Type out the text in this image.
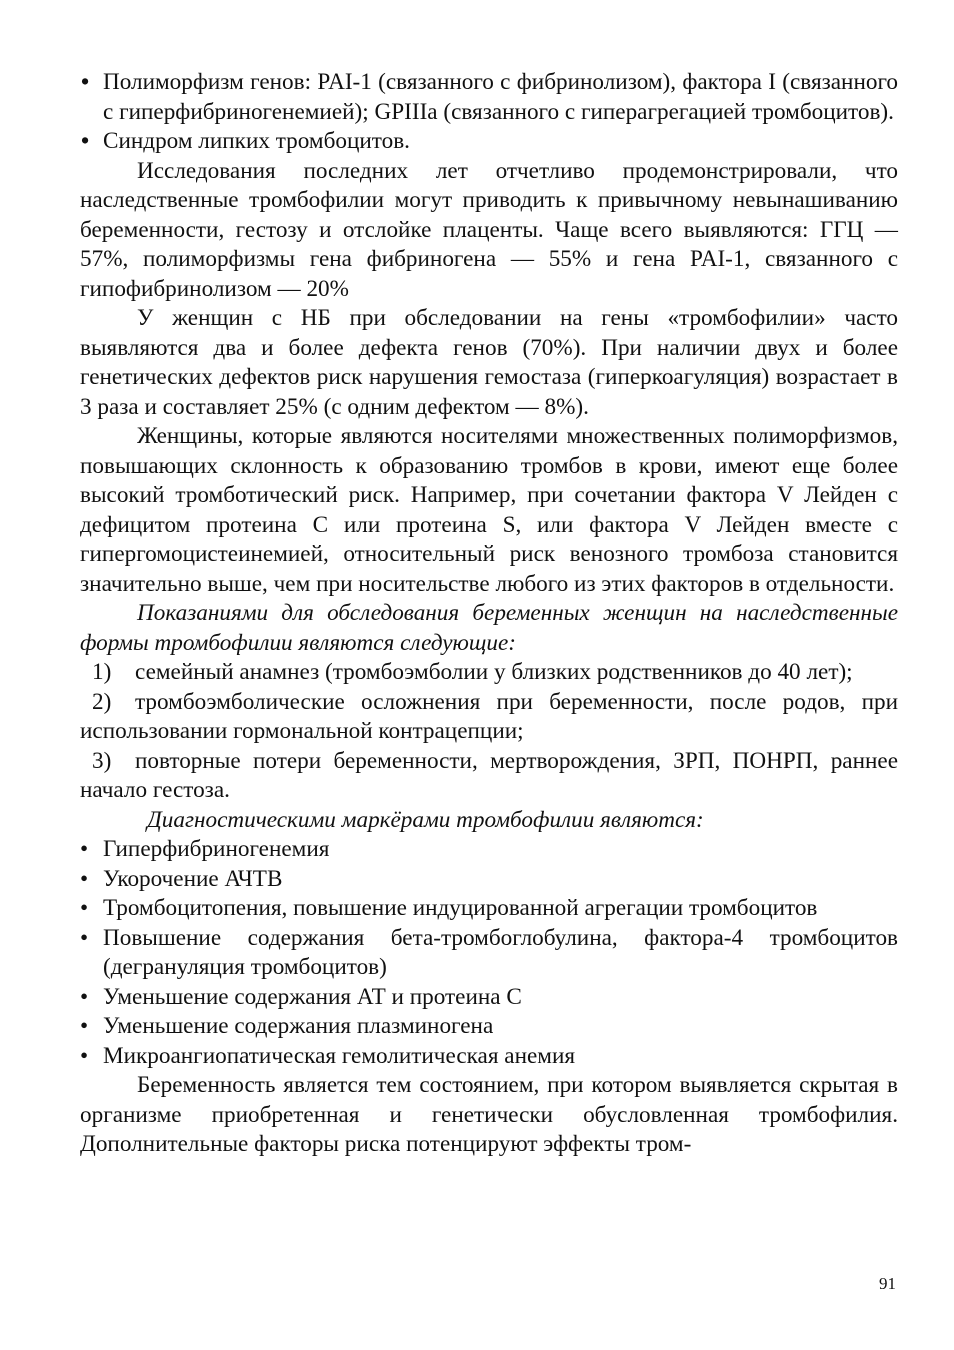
• Полиморфизм генов: PAI-1 (связанного с фибринолизом), фактора I (связанного с гиперфибриногенемией); GPIIIa (связанного с гиперагрегацией тромбоцитов).
• Синдром липких тромбоцитов.

Исследования последних лет отчетливо продемонстрировали, что наследственные тромбофилии могут приводить к привычному невынашиванию беременности, гестозу и отслойке плаценты. Чаще всего выявляются: ГГЦ — 57%, полиморфизмы гена фибриногена — 55% и гена PAI-1, связанного с гипофибринолизом — 20%

У женщин с НБ при обследовании на гены «тромбофилии» часто выявляются два и более дефекта генов (70%). При наличии двух и более генетических дефектов риск нарушения гемостаза (гиперкоагуляция) возрастает в 3 раза и составляет 25% (с одним дефектом — 8%).

Женщины, которые являются носителями множественных полиморфизмов, повышающих склонность к образованию тромбов в крови, имеют еще более высокий тромботический риск. Например, при сочетании фактора V Лейден с дефицитом протеина С или протеина S, или фактора V Лейден вместе с гипергомоцистеинемией, относительный риск венозного тромбоза становится значительно выше, чем при носительстве любого из этих факторов в отдельности.

Показаниями для обследования беременных женщин на наследственные формы тромбофилии являются следующие:

1) семейный анамнез (тромбоэмболии у близких родственников до 40 лет);

2) тромбоэмболические осложнения при беременности, после родов, при использовании гормональной контрацепции;

3) повторные потери беременности, мертворождения, ЗРП, ПОНРП, раннее начало гестоза.

Диагностическими маркёрами тромбофилии являются:

• Гиперфибриногенемия
• Укорочение АЧТВ
• Тромбоцитопения, повышение индуцированной агрегации тромбоцитов
• Повышение содержания бета-тромбоглобулина, фактора-4 тромбоцитов (дегрануляция тромбоцитов)
• Уменьшение содержания АТ и протеина С
• Уменьшение содержания плазминогена
• Микроангиопатическая гемолитическая анемия

Беременность является тем состоянием, при котором выявляется скрытая в организме приобретенная и генетически обусловленная тромбофилия. Дополнительные факторы риска потенцируют эффекты тром-

91
